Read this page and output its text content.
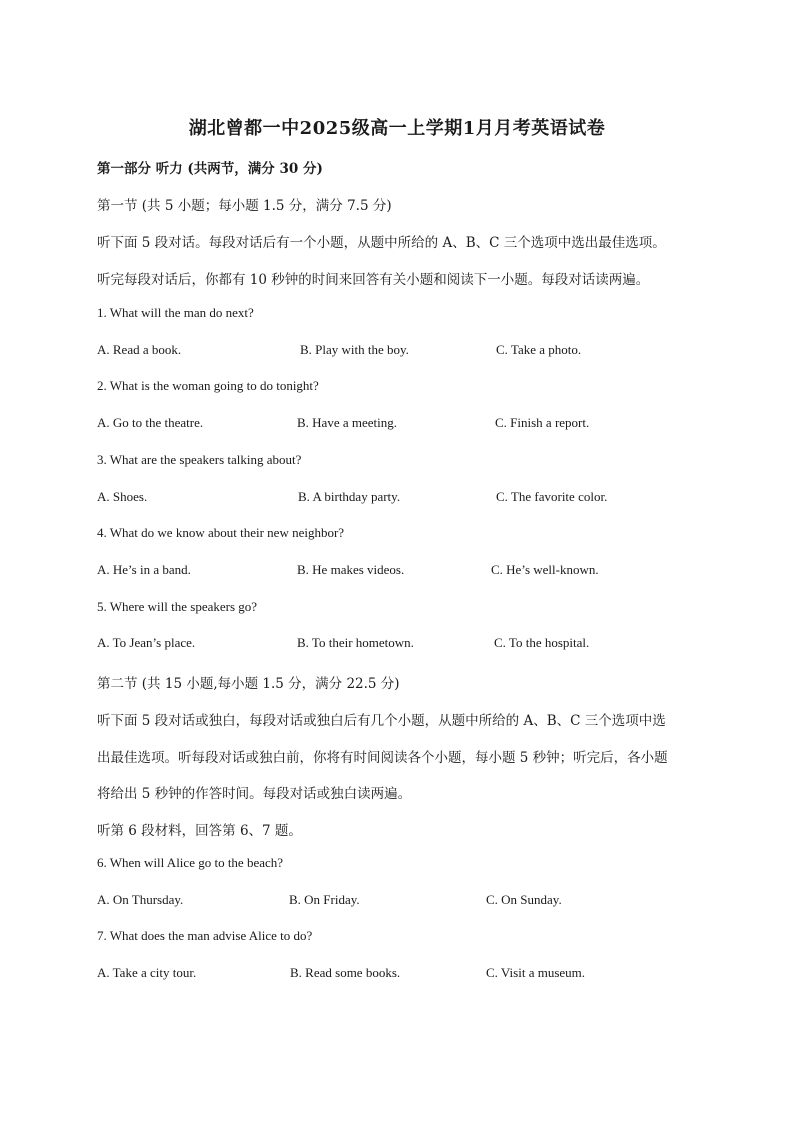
湖北曾都一中2025级高一上学期1月月考英语试卷
第一部分 听力 (共两节，满分 30 分)
第一节 (共 5 小题；每小题 1.5 分，满分 7.5 分)
听下面 5 段对话。每段对话后有一个小题，从题中所给的 A、B、C 三个选项中选出最佳选项。
听完每段对话后，你都有 10 秒钟的时间来回答有关小题和阅读下一小题。每段对话读两遍。
1. What will the man do next?
A. Read a book.	B. Play with the boy.	C. Take a photo.
2. What is the woman going to do tonight?
A. Go to the theatre.	B. Have a meeting.	C. Finish a report.
3. What are the speakers talking about?
A. Shoes.	B. A birthday party.	C. The favorite color.
4. What do we know about their new neighbor?
A. He’s in a band.	B. He makes videos.	C. He’s well-known.
5. Where will the speakers go?
A. To Jean’s place.	B. To their hometown.	C. To the hospital.
第二节 (共 15 小题,每小题 1.5 分，满分 22.5 分)
听下面 5 段对话或独白，每段对话或独白后有几个小题，从题中所给的 A、B、C 三个选项中选
出最佳选项。听每段对话或独白前，你将有时间阅读各个小题，每小题 5 秒钟；听完后，各小题
将给出 5 秒钟的作答时间。每段对话或独白读两遍。
听第 6 段材料，回答第 6、7 题。
6. When will Alice go to the beach?
A. On Thursday.	B. On Friday.	C. On Sunday.
7. What does the man advise Alice to do?
A. Take a city tour.	B. Read some books.	C. Visit a museum.
